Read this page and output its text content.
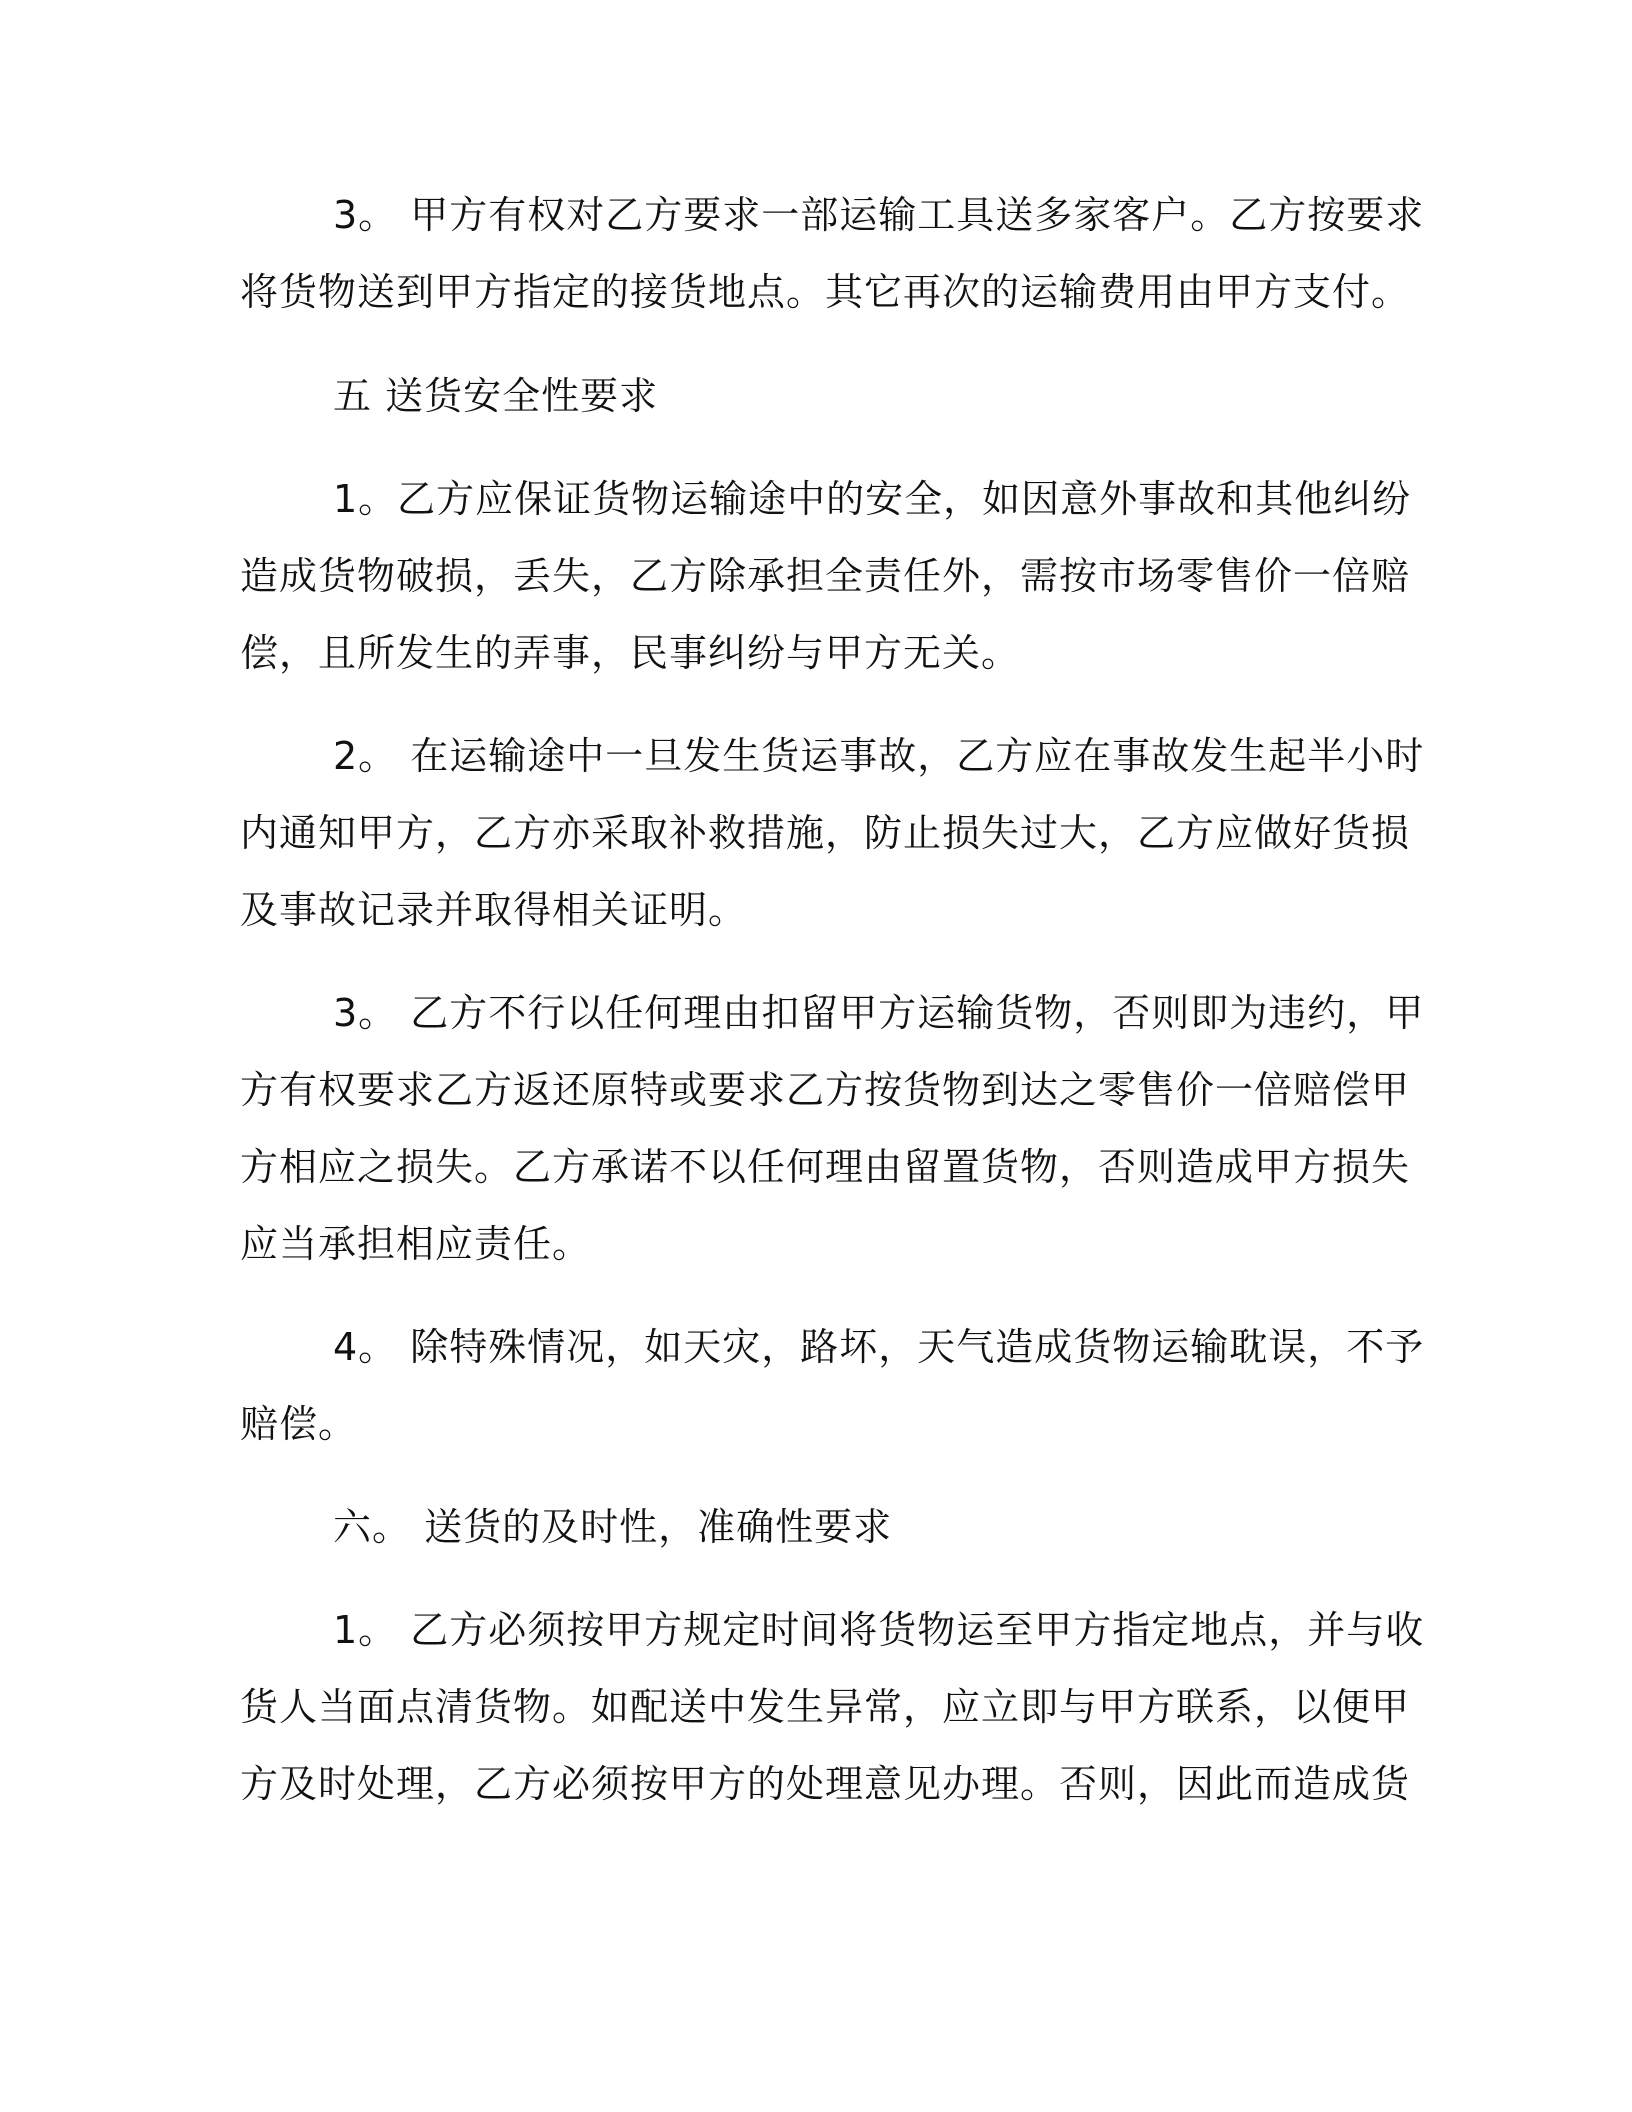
3。 甲方有权对乙方要求一部运输工具送多家客户。乙方按要求
将货物送到甲方指定的接货地点。其它再次的运输费用由甲方支付。
五 送货安全性要求
1。乙方应保证货物运输途中的安全，如因意外事故和其他纠纷
造成货物破损，丢失，乙方除承担全责任外，需按市场零售价一倍赔
偿，且所发生的弄事，民事纠纷与甲方无关。
2。 在运输途中一旦发生货运事故，乙方应在事故发生起半小时
内通知甲方，乙方亦采取补救措施，防止损失过大，乙方应做好货损
及事故记录并取得相关证明。
3。 乙方不行以任何理由扣留甲方运输货物，否则即为违约，甲
方有权要求乙方返还原特或要求乙方按货物到达之零售价一倍赔偿甲
方相应之损失。乙方承诺不以任何理由留置货物，否则造成甲方损失
应当承担相应责任。
4。 除特殊情况，如天灾，路坏，天气造成货物运输耽误，不予
赔偿。
六。 送货的及时性，准确性要求
1。 乙方必须按甲方规定时间将货物运至甲方指定地点，并与收
货人当面点清货物。如配送中发生异常，应立即与甲方联系，以便甲
方及时处理，乙方必须按甲方的处理意见办理。否则，因此而造成货
